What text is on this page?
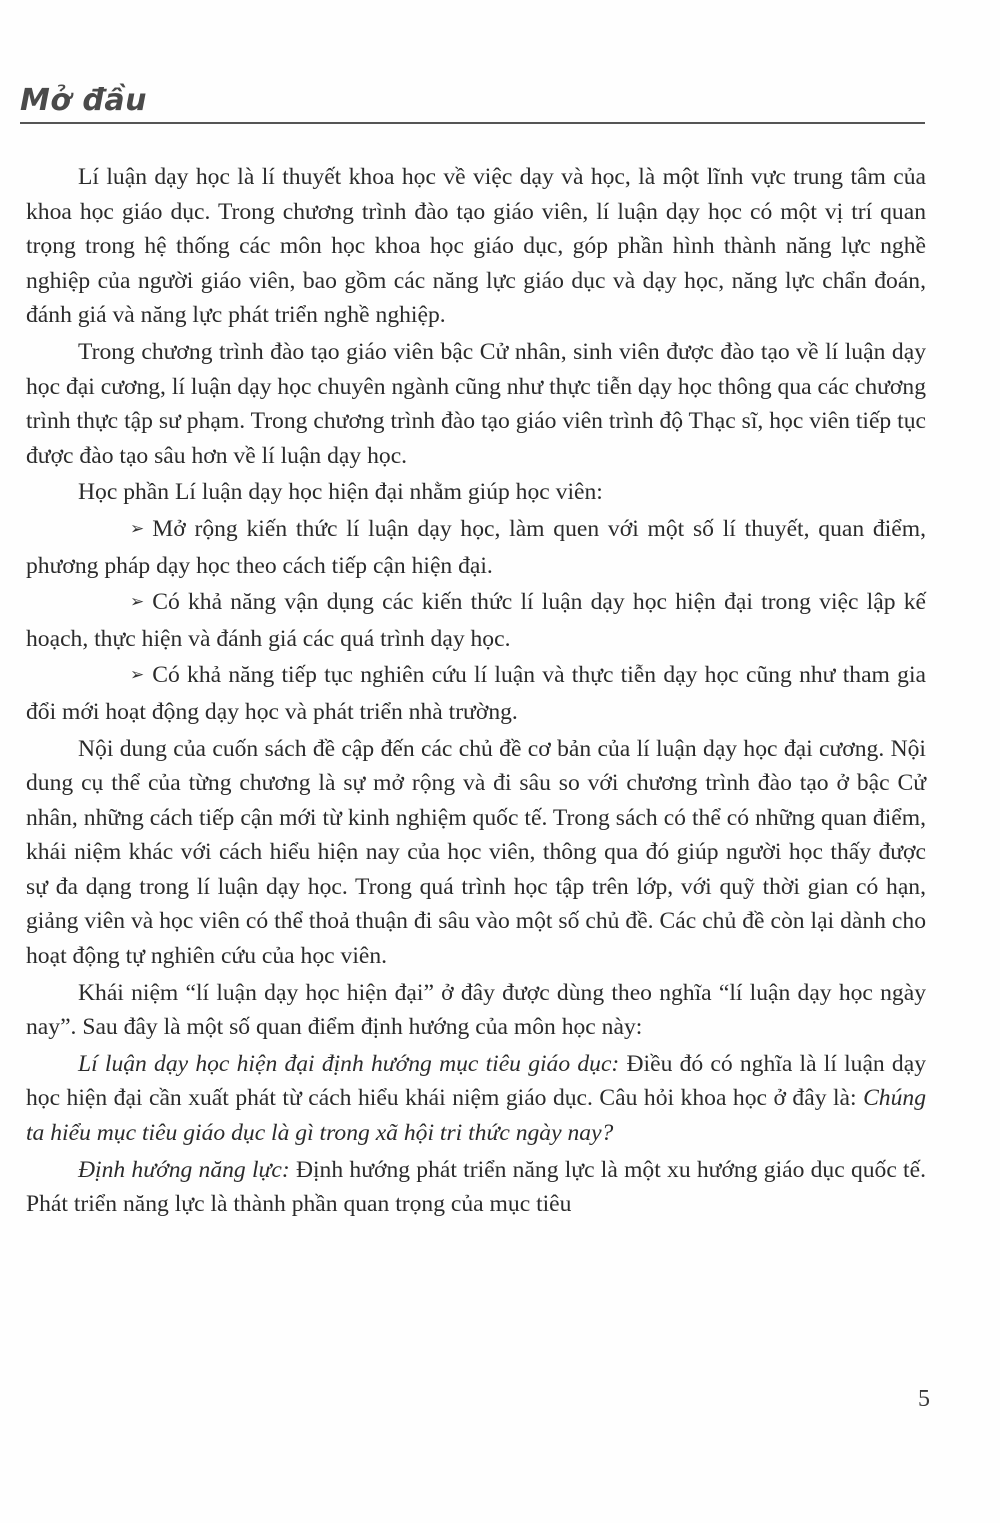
Mở đầu

Lí luận dạy học là lí thuyết khoa học về việc dạy và học, là một lĩnh vực trung tâm của khoa học giáo dục. Trong chương trình đào tạo giáo viên, lí luận dạy học có một vị trí quan trọng trong hệ thống các môn học khoa học giáo dục, góp phần hình thành năng lực nghề nghiệp của người giáo viên, bao gồm các năng lực giáo dục và dạy học, năng lực chẩn đoán, đánh giá và năng lực phát triển nghề nghiệp.

Trong chương trình đào tạo giáo viên bậc Cử nhân, sinh viên được đào tạo về lí luận dạy học đại cương, lí luận dạy học chuyên ngành cũng như thực tiễn dạy học thông qua các chương trình thực tập sư phạm. Trong chương trình đào tạo giáo viên trình độ Thạc sĩ, học viên tiếp tục được đào tạo sâu hơn về lí luận dạy học.

Học phần Lí luận dạy học hiện đại nhằm giúp học viên:

➢ Mở rộng kiến thức lí luận dạy học, làm quen với một số lí thuyết, quan điểm, phương pháp dạy học theo cách tiếp cận hiện đại.

➢ Có khả năng vận dụng các kiến thức lí luận dạy học hiện đại trong việc lập kế hoạch, thực hiện và đánh giá các quá trình dạy học.

➢ Có khả năng tiếp tục nghiên cứu lí luận và thực tiễn dạy học cũng như tham gia đổi mới hoạt động dạy học và phát triển nhà trường.

Nội dung của cuốn sách đề cập đến các chủ đề cơ bản của lí luận dạy học đại cương. Nội dung cụ thể của từng chương là sự mở rộng và đi sâu so với chương trình đào tạo ở bậc Cử nhân, những cách tiếp cận mới từ kinh nghiệm quốc tế. Trong sách có thể có những quan điểm, khái niệm khác với cách hiểu hiện nay của học viên, thông qua đó giúp người học thấy được sự đa dạng trong lí luận dạy học. Trong quá trình học tập trên lớp, với quỹ thời gian có hạn, giảng viên và học viên có thể thoả thuận đi sâu vào một số chủ đề. Các chủ đề còn lại dành cho hoạt động tự nghiên cứu của học viên.

Khái niệm “lí luận dạy học hiện đại” ở đây được dùng theo nghĩa “lí luận dạy học ngày nay”. Sau đây là một số quan điểm định hướng của môn học này:

Lí luận dạy học hiện đại định hướng mục tiêu giáo dục: Điều đó có nghĩa là lí luận dạy học hiện đại cần xuất phát từ cách hiểu khái niệm giáo dục. Câu hỏi khoa học ở đây là: Chúng ta hiểu mục tiêu giáo dục là gì trong xã hội tri thức ngày nay?

Định hướng năng lực: Định hướng phát triển năng lực là một xu hướng giáo dục quốc tế. Phát triển năng lực là thành phần quan trọng của mục tiêu

5
